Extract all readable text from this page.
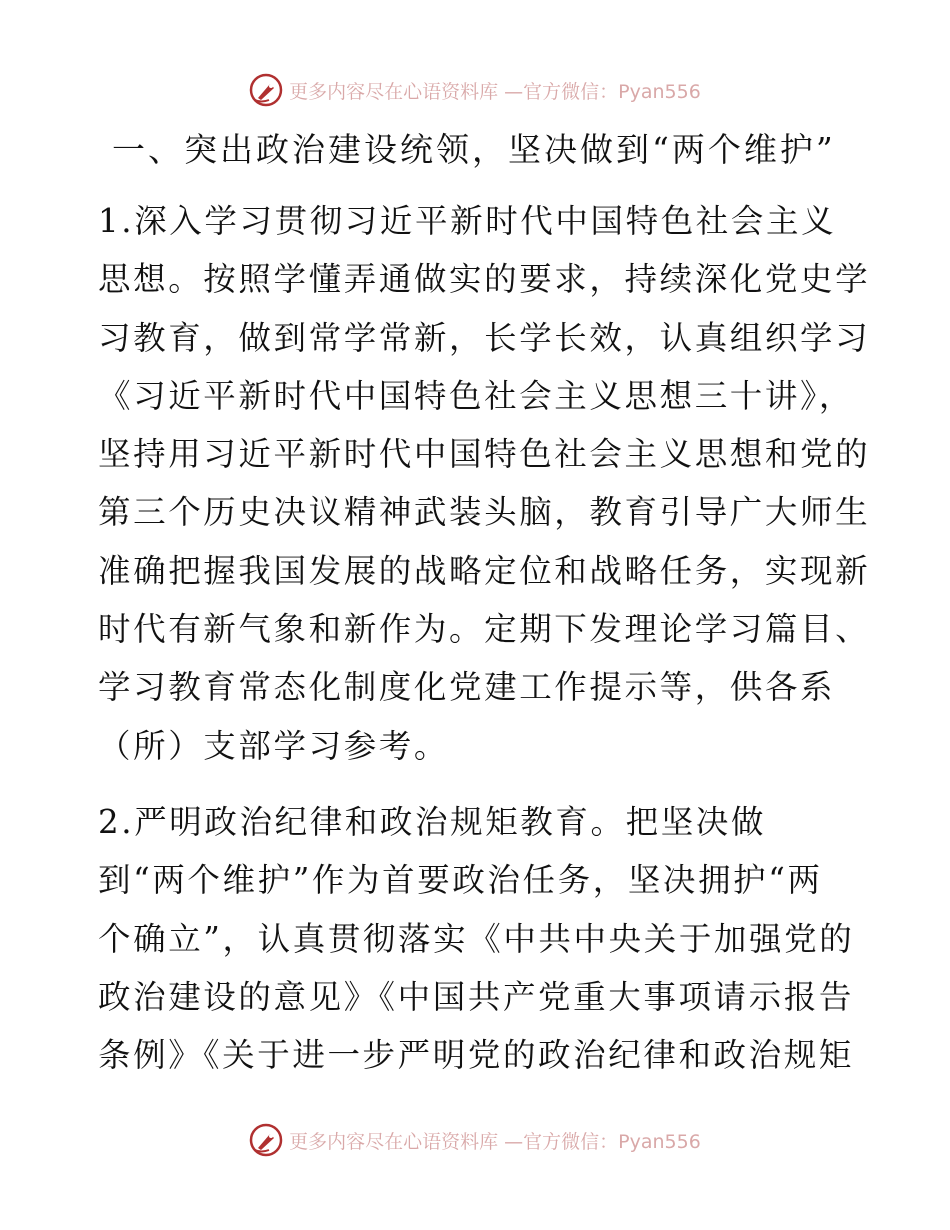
更多内容尽在心语资料库 —官方微信：Pyan556
一、突出政治建设统领，坚决做到“两个维护”
1.深入学习贯彻习近平新时代中国特色社会主义
思想。按照学懂弄通做实的要求，持续深化党史学
习教育，做到常学常新，长学长效，认真组织学习
《习近平新时代中国特色社会主义思想三十讲》，
坚持用习近平新时代中国特色社会主义思想和党的
第三个历史决议精神武装头脑，教育引导广大师生
准确把握我国发展的战略定位和战略任务，实现新
时代有新气象和新作为。定期下发理论学习篇目、
学习教育常态化制度化党建工作提示等，供各系
（所）支部学习参考。
2.严明政治纪律和政治规矩教育。把坚决做
到“两个维护”作为首要政治任务，坚决拥护“两
个确立”，认真贯彻落实《中共中央关于加强党的
政治建设的意见》《中国共产党重大事项请示报告
条例》《关于进一步严明党的政治纪律和政治规矩
更多内容尽在心语资料库 —官方微信：Pyan556
